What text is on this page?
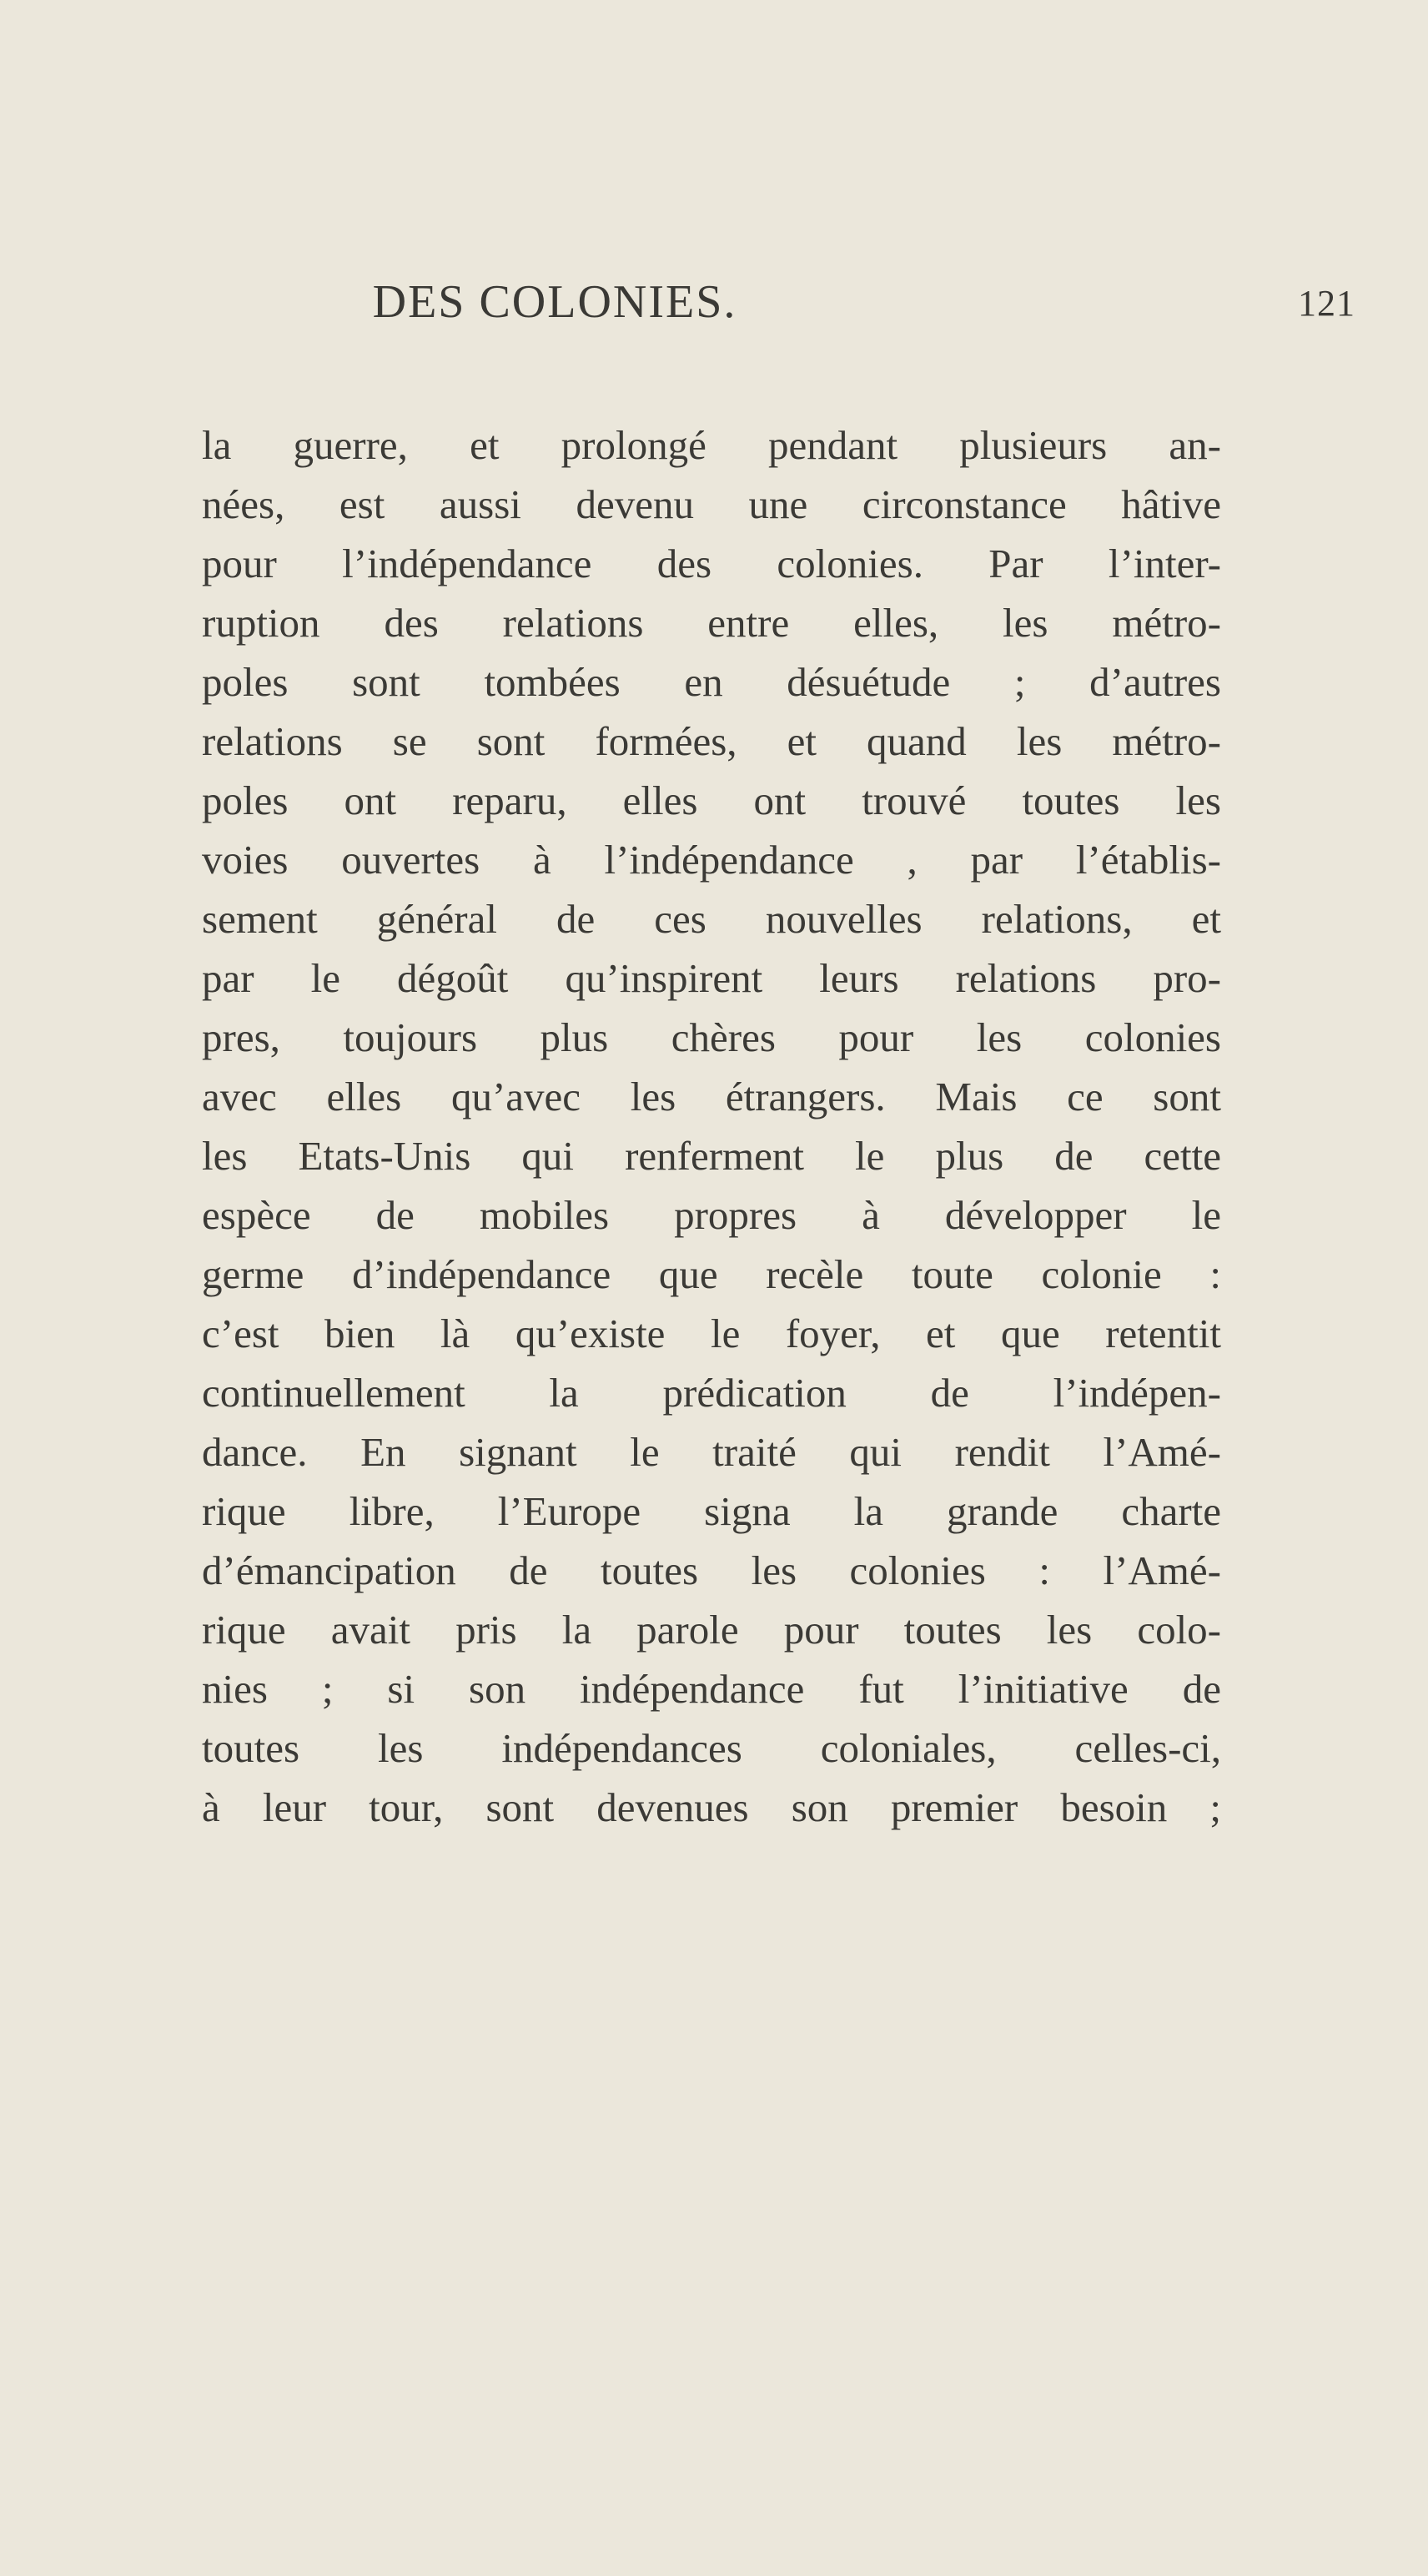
DES COLONIES.	121
la guerre, et prolongé pendant plusieurs an-
nées, est aussi devenu une circonstance hâtive
pour l’indépendance des colonies. Par l’inter-
ruption des relations entre elles, les métro-
poles sont tombées en désuétude ; d’autres
relations se sont formées, et quand les métro-
poles ont reparu, elles ont trouvé toutes les
voies ouvertes à l’indépendance , par l’établis-
sement général de ces nouvelles relations, et
par le dégoût qu’inspirent leurs relations pro-
pres, toujours plus chères pour les colonies
avec elles qu’avec les étrangers. Mais ce sont
les Etats-Unis qui renferment le plus de cette
espèce de mobiles propres à développer le
germe d’indépendance que recèle toute colonie :
c’est bien là qu’existe le foyer, et que retentit
continuellement la prédication de l’indépen-
dance. En signant le traité qui rendit l’Amé-
rique libre, l’Europe signa la grande charte
d’émancipation de toutes les colonies : l’Amé-
rique avait pris la parole pour toutes les colo-
nies ; si son indépendance fut l’initiative de
toutes les indépendances coloniales, celles-ci,
à leur tour, sont devenues son premier besoin ;
